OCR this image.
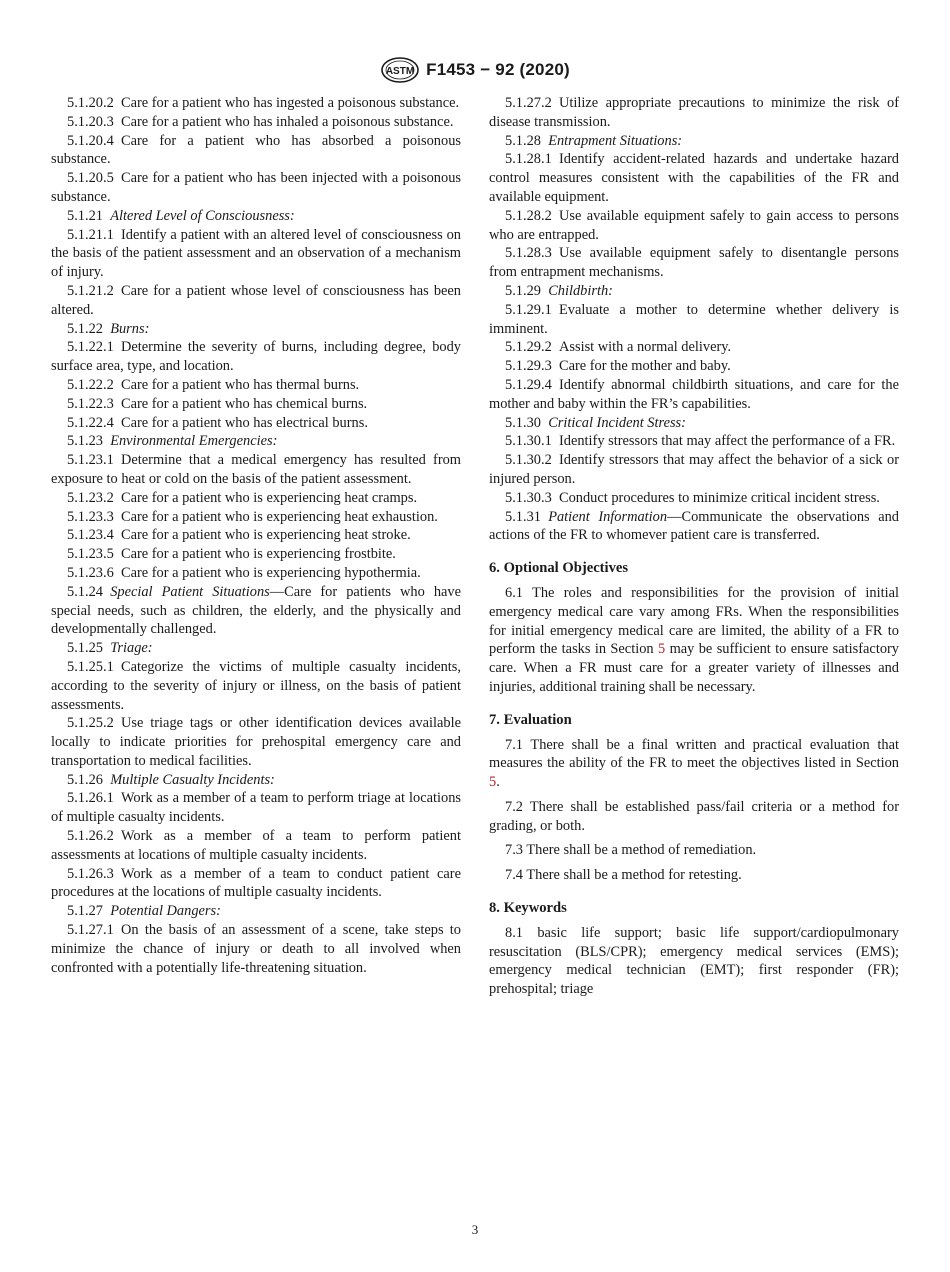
ASTM F1453 − 92 (2020)

5.1.20.2  Care for a patient who has ingested a poisonous substance.

5.1.20.3  Care for a patient who has inhaled a poisonous substance.

5.1.20.4  Care for a patient who has absorbed a poisonous substance.

5.1.20.5  Care for a patient who has been injected with a poisonous substance.

5.1.21  Altered Level of Consciousness:

5.1.21.1  Identify a patient with an altered level of consciousness on the basis of the patient assessment and an observation of a mechanism of injury.

5.1.21.2  Care for a patient whose level of consciousness has been altered.

5.1.22  Burns:

5.1.22.1  Determine the severity of burns, including degree, body surface area, type, and location.

5.1.22.2  Care for a patient who has thermal burns.

5.1.22.3  Care for a patient who has chemical burns.

5.1.22.4  Care for a patient who has electrical burns.

5.1.23  Environmental Emergencies:

5.1.23.1  Determine that a medical emergency has resulted from exposure to heat or cold on the basis of the patient assessment.

5.1.23.2  Care for a patient who is experiencing heat cramps.

5.1.23.3  Care for a patient who is experiencing heat exhaustion.

5.1.23.4  Care for a patient who is experiencing heat stroke.

5.1.23.5  Care for a patient who is experiencing frostbite.

5.1.23.6  Care for a patient who is experiencing hypothermia.

5.1.24  Special Patient Situations—Care for patients who have special needs, such as children, the elderly, and the physically and developmentally challenged.

5.1.25  Triage:

5.1.25.1  Categorize the victims of multiple casualty incidents, according to the severity of injury or illness, on the basis of patient assessments.

5.1.25.2  Use triage tags or other identification devices available locally to indicate priorities for prehospital emergency care and transportation to medical facilities.

5.1.26  Multiple Casualty Incidents:

5.1.26.1  Work as a member of a team to perform triage at locations of multiple casualty incidents.

5.1.26.2  Work as a member of a team to perform patient assessments at locations of multiple casualty incidents.

5.1.26.3  Work as a member of a team to conduct patient care procedures at the locations of multiple casualty incidents.

5.1.27  Potential Dangers:

5.1.27.1  On the basis of an assessment of a scene, take steps to minimize the chance of injury or death to all involved when confronted with a potentially life-threatening situation.

5.1.27.2  Utilize appropriate precautions to minimize the risk of disease transmission.

5.1.28  Entrapment Situations:

5.1.28.1  Identify accident-related hazards and undertake hazard control measures consistent with the capabilities of the FR and available equipment.

5.1.28.2  Use available equipment safely to gain access to persons who are entrapped.

5.1.28.3  Use available equipment safely to disentangle persons from entrapment mechanisms.

5.1.29  Childbirth:

5.1.29.1  Evaluate a mother to determine whether delivery is imminent.

5.1.29.2  Assist with a normal delivery.

5.1.29.3  Care for the mother and baby.

5.1.29.4  Identify abnormal childbirth situations, and care for the mother and baby within the FR’s capabilities.

5.1.30  Critical Incident Stress:

5.1.30.1  Identify stressors that may affect the performance of a FR.

5.1.30.2  Identify stressors that may affect the behavior of a sick or injured person.

5.1.30.3  Conduct procedures to minimize critical incident stress.

5.1.31  Patient Information—Communicate the observations and actions of the FR to whomever patient care is transferred.

6. Optional Objectives

6.1 The roles and responsibilities for the provision of initial emergency medical care vary among FRs. When the responsibilities for initial emergency medical care are limited, the ability of a FR to perform the tasks in Section 5 may be sufficient to ensure satisfactory care. When a FR must care for a greater variety of illnesses and injuries, additional training shall be necessary.

7. Evaluation

7.1 There shall be a final written and practical evaluation that measures the ability of the FR to meet the objectives listed in Section 5.

7.2 There shall be established pass/fail criteria or a method for grading, or both.

7.3 There shall be a method of remediation.

7.4 There shall be a method for retesting.

8. Keywords

8.1 basic life support; basic life support/cardiopulmonary resuscitation (BLS/CPR); emergency medical services (EMS); emergency medical technician (EMT); first responder (FR); prehospital; triage

3
